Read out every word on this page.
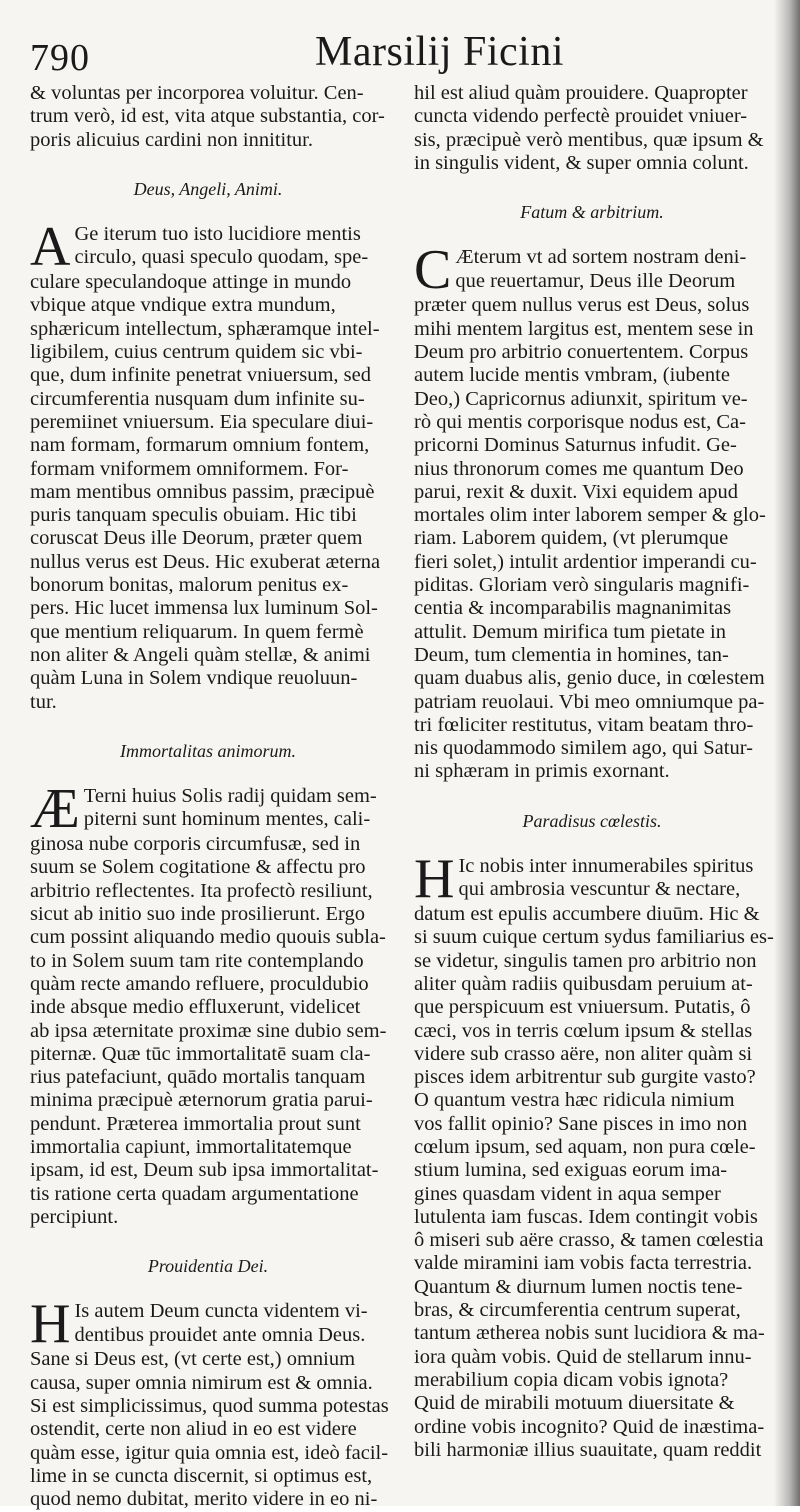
790	Marsilij Ficini
& voluntas per incorporea voluitur. Cen-
trum verò, id est, vita atque substantia, cor-
poris alicuius cardini non innititur.
Deus, Angeli, Animi.
A Ge iterum tuo isto lucidiore mentis
circulo, quasi speculo quodam, spe-
culare speculandoque attinge in mundo
vbique atque vndique extra mundum,
sphæricum intellectum, sphæramque intel-
ligibilem, cuius centrum quidem sic vbi-
que, dum infinite penetrat vniuersum, sed
circumferentia nusquam dum infinite su-
peremiinet vniuersum. Eia speculare diui-
nam formam, formarum omnium fontem,
formam vniformem omniformem. For-
mam mentibus omnibus passim, præcipuè
puris tanquam speculis obuiam. Hic tibi
coruscat Deus ille Deorum, præter quem
nullus verus est Deus. Hic exuberat æterna
bonorum bonitas, malorum penitus ex-
pers. Hic lucet immensa lux luminum Sol-
que mentium reliquarum. In quem fermè
non aliter & Angeli quàm stellæ, & animi
quàm Luna in Solem vndique reuoluun-
tur.
Immortalitas animorum.
Æ Terni huius Solis radij quidam sem-
piterni sunt hominum mentes, cali-
ginosa nube corporis circumfusæ, sed in
suum se Solem cogitatione & affectu pro
arbitrio reflectentes. Ita profectò resiliunt,
sicut ab initio suo inde prosilierunt. Ergo
cum possint aliquando medio quouis subla-
to in Solem suum tam rite contemplando
quàm recte amando refluere, proculdubio
inde absque medio effluxerunt, videlicet
ab ipsa æternitate proximæ sine dubio sem-
piternæ. Quæ tūc immortalitatē suam cla-
rius patefaciunt, quādo mortalis tanquam
minima præcipuè æternorum gratia parui-
pendunt. Præterea immortalia prout sunt
immortalia capiunt, immortalitatemque
ipsam, id est, Deum sub ipsa immortalitat-
tis ratione certa quadam argumentatione
percipiunt.
Prouidentia Dei.
H Is autem Deum cuncta videntem vi-
dentibus prouidet ante omnia Deus.
Sane si Deus est, (vt certe est,) omnium
causa, super omnia nimirum est & omnia.
Si est simplicissimus, quod summa potestas
ostendit, certe non aliud in eo est videre
quàm esse, igitur quia omnia est, ideò facil-
lime in se cuncta discernit, si optimus est,
quod nemo dubitat, merito videre in eo ni-
hil est aliud quàm prouidere. Quapropter
cuncta videndo perfectè prouidet vniuer-
sis, præcipuè verò mentibus, quæ ipsum &
in singulis vident, & super omnia colunt.
Fatum & arbitrium.
C Æterum vt ad sortem nostram deni-
que reuertamur, Deus ille Deorum
præter quem nullus verus est Deus, solus
mihi mentem largitus est, mentem sese in
Deum pro arbitrio conuertentem. Corpus
autem lucide mentis vmbram, (iubente
Deo,) Capricornus adiunxit, spiritum ve-
rò qui mentis corporisque nodus est, Ca-
pricorni Dominus Saturnus infudit. Ge-
nius thronorum comes me quantum Deo
parui, rexit & duxit. Vixi equidem apud
mortales olim inter laborem semper & glo-
riam. Laborem quidem, (vt plerumque
fieri solet,) intulit ardentior imperandi cu-
piditas. Gloriam verò singularis magnifi-
centia & incomparabilis magnanimitas
attulit. Demum mirifica tum pietate in
Deum, tum clementia in homines, tan-
quam duabus alis, genio duce, in cœlestem
patriam reuolaui. Vbi meo omniumque pa-
tri fœliciter restitutus, vitam beatam thro-
nis quodammodo similem ago, qui Satur-
ni sphæram in primis exornant.
Paradisus cœlestis.
H Ic nobis inter innumerabiles spiritus
qui ambrosia vescuntur & nectare,
datum est epulis accumbere diuūm. Hic &
si suum cuique certum sydus familiarius es-
se videtur, singulis tamen pro arbitrio non
aliter quàm radiis quibusdam peruium at-
que perspicuum est vniuersum. Putatis, ô
cæci, vos in terris cœlum ipsum & stellas
videre sub crasso aëre, non aliter quàm si
pisces idem arbitrentur sub gurgite vasto?
O quantum vestra hæc ridicula nimium
vos fallit opinio? Sane pisces in imo non
cœlum ipsum, sed aquam, non pura cœle-
stium lumina, sed exiguas eorum ima-
gines quasdam vident in aqua semper
lutulenta iam fuscas. Idem contingit vobis
ô miseri sub aëre crasso, & tamen cœlestia
valde miramini iam vobis facta terrestria.
Quantum & diurnum lumen noctis tene-
bras, & circumferentia centrum superat,
tantum æthereа nobis sunt lucidiora & ma-
iora quàm vobis. Quid de stellarum innu-
merabilium copia dicam vobis ignota?
Quid de mirabili motuum diuersitate &
ordine vobis incognito? Quid de inæstima-
bili harmoniæ illius suauitate, quam reddit
